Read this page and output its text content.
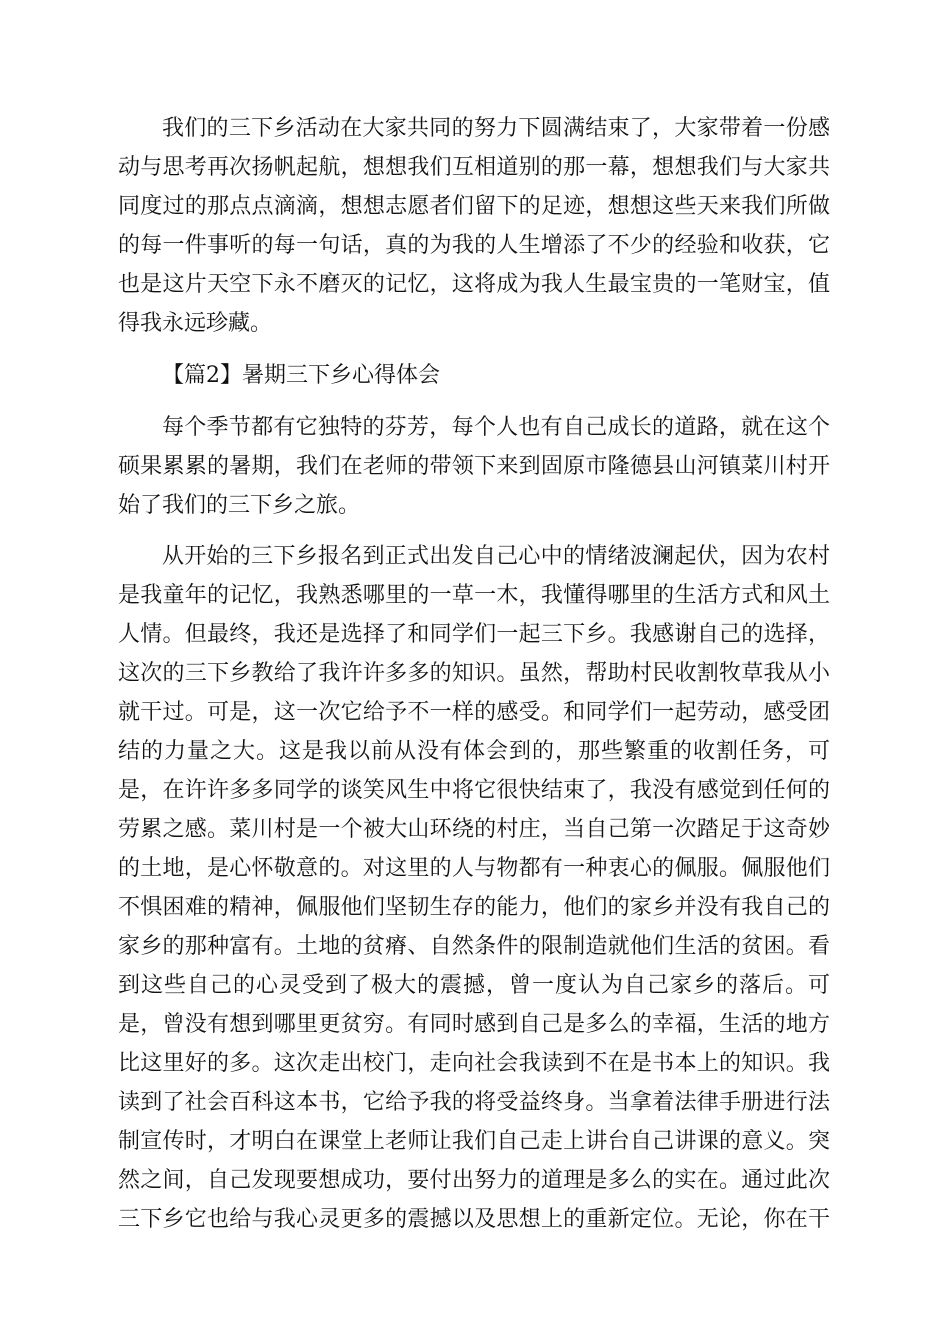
我们的三下乡活动在大家共同的努力下圆满结束了，大家带着一份感
动与思考再次扬帆起航，想想我们互相道别的那一幕，想想我们与大家共
同度过的那点点滴滴，想想志愿者们留下的足迹，想想这些天来我们所做
的每一件事听的每一句话，真的为我的人生增添了不少的经验和收获，它
也是这片天空下永不磨灭的记忆，这将成为我人生最宝贵的一笔财宝，值
得我永远珍藏。
【篇2】暑期三下乡心得体会
每个季节都有它独特的芬芳，每个人也有自己成长的道路，就在这个
硕果累累的暑期，我们在老师的带领下来到固原市隆德县山河镇菜川村开
始了我们的三下乡之旅。
从开始的三下乡报名到正式出发自己心中的情绪波澜起伏，因为农村
是我童年的记忆，我熟悉哪里的一草一木，我懂得哪里的生活方式和风土
人情。但最终，我还是选择了和同学们一起三下乡。我感谢自己的选择，
这次的三下乡教给了我许许多多的知识。虽然，帮助村民收割牧草我从小
就干过。可是，这一次它给予不一样的感受。和同学们一起劳动，感受团
结的力量之大。这是我以前从没有体会到的，那些繁重的收割任务，可
是，在许许多多同学的谈笑风生中将它很快结束了，我没有感觉到任何的
劳累之感。菜川村是一个被大山环绕的村庄，当自己第一次踏足于这奇妙
的土地，是心怀敬意的。对这里的人与物都有一种衷心的佩服。佩服他们
不惧困难的精神，佩服他们坚韧生存的能力，他们的家乡并没有我自己的
家乡的那种富有。土地的贫瘠、自然条件的限制造就他们生活的贫困。看
到这些自己的心灵受到了极大的震撼，曾一度认为自己家乡的落后。可
是，曾没有想到哪里更贫穷。有同时感到自己是多么的幸福，生活的地方
比这里好的多。这次走出校门，走向社会我读到不在是书本上的知识。我
读到了社会百科这本书，它给予我的将受益终身。当拿着法律手册进行法
制宣传时，才明白在课堂上老师让我们自己走上讲台自己讲课的意义。突
然之间，自己发现要想成功，要付出努力的道理是多么的实在。通过此次
三下乡它也给与我心灵更多的震撼以及思想上的重新定位。无论，你在干
